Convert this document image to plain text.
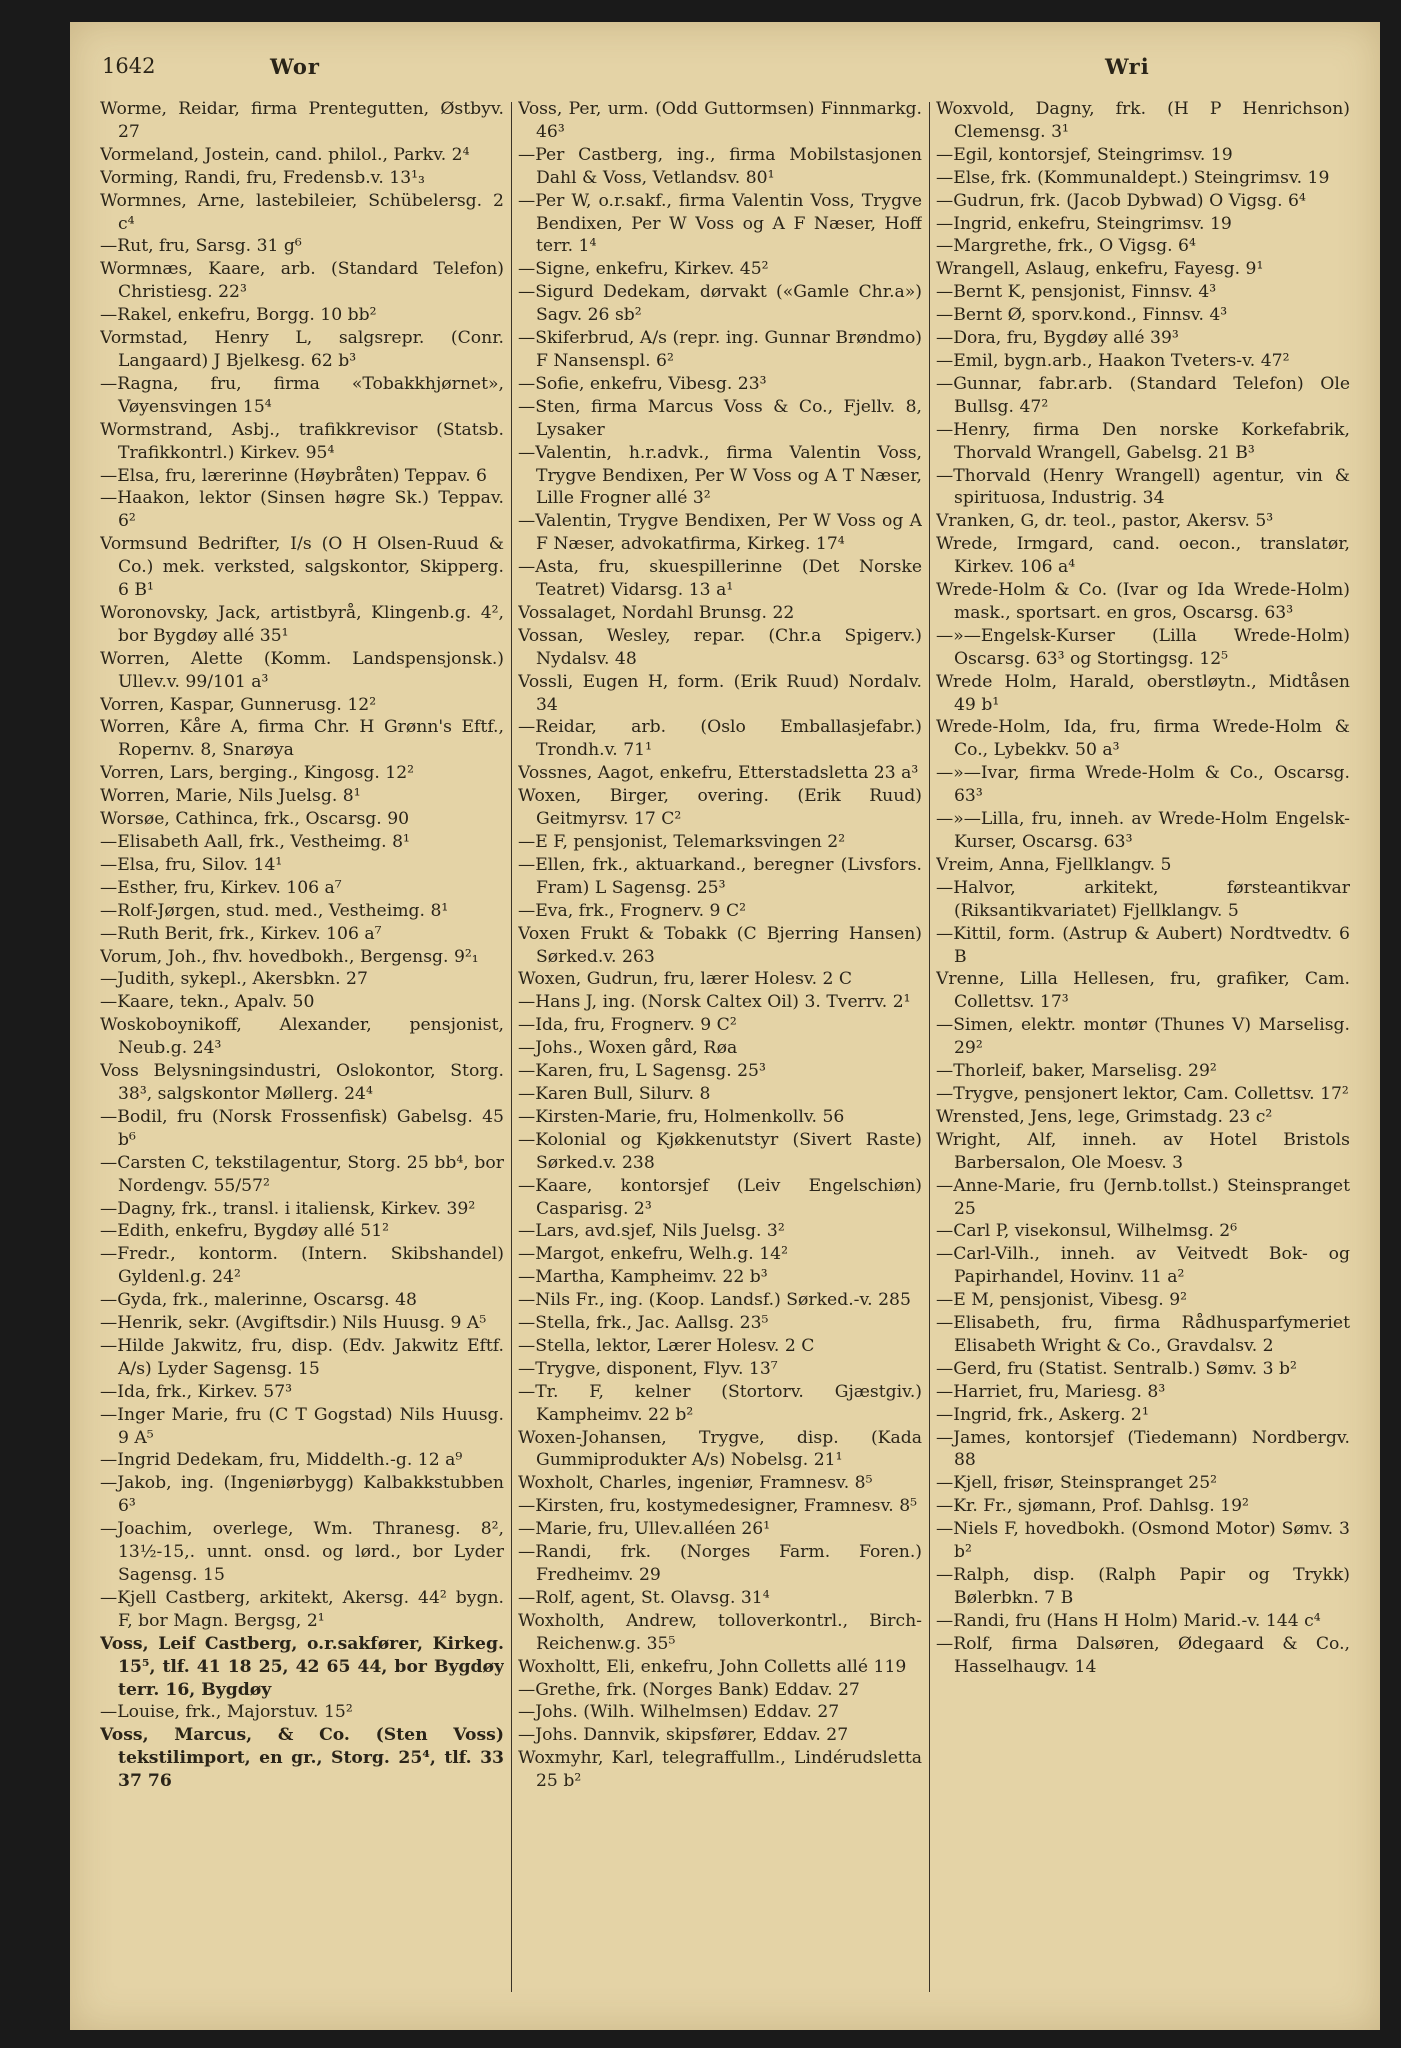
1642	Wor	Wri
Worme, Reidar, firma Prentegutten, Østbyv. 27
Vormeland, Jostein, cand. philol., Parkv. 2⁴
Vorming, Randi, fru, Fredensb.v. 13¹₃
Wormnes, Arne, lastebileier, Schübelersg. 2 c⁴
—Rut, fru, Sarsg. 31 g⁶
Wormnæs, Kaare, arb. (Standard Telefon) Christiesg. 22³
—Rakel, enkefru, Borgg. 10 bb²
Vormstad, Henry L, salgsrepr. (Conr. Langaard) J Bjelkesg. 62 b³
—Ragna, fru, firma «Tobakkhjørnet», Vøyensvingen 15⁴
Wormstrand, Asbj., trafikkrevisor (Statsb. Trafikkontrl.) Kirkev. 95⁴
—Elsa, fru, lærerinne (Høybråten) Teppav. 6
—Haakon, lektor (Sinsen høgre Sk.) Teppav. 6²
Vormsund Bedrifter, I/s (O H Olsen-Ruud & Co.) mek. verksted, salgskontor, Skipperg. 6 B¹
Woronovsky, Jack, artistbyrå, Klingenb.g. 4², bor Bygdøy allé 35¹
Worren, Alette (Komm. Landspensjonsk.) Ullev.v. 99/101 a³
Vorren, Kaspar, Gunnerusg. 12²
Worren, Kåre A, firma Chr. H Grønn's Eftf., Ropernv. 8, Snarøya
Vorren, Lars, berging., Kingosg. 12²
Worren, Marie, Nils Juelsg. 8¹
Worsøe, Cathinca, frk., Oscarsg. 90
—Elisabeth Aall, frk., Vestheimg. 8¹
—Elsa, fru, Silov. 14¹
—Esther, fru, Kirkev. 106 a⁷
—Rolf-Jørgen, stud. med., Vestheimg. 8¹
—Ruth Berit, frk., Kirkev. 106 a⁷
Vorum, Joh., fhv. hovedbokh., Bergensg. 9²₁
—Judith, sykepl., Akersbkn. 27
—Kaare, tekn., Apalv. 50
Woskoboynikoff, Alexander, pensjonist, Neub.g. 24³
Voss Belysningsindustri, Oslokontor, Storg. 38³, salgskontor Møllerg. 24⁴
—Bodil, fru (Norsk Frossenfisk) Gabelsg. 45 b⁶
—Carsten C, tekstilagentur, Storg. 25 bb⁴, bor Nordengv. 55/57²
—Dagny, frk., transl. i italiensk, Kirkev. 39²
—Edith, enkefru, Bygdøy allé 51²
—Fredr., kontorm. (Intern. Skibshandel) Gyldenl.g. 24²
—Gyda, frk., malerinne, Oscarsg. 48
—Henrik, sekr. (Avgiftsdir.) Nils Huusg. 9 A⁵
—Hilde Jakwitz, fru, disp. (Edv. Jakwitz Eftf. A/s) Lyder Sagensg. 15
—Ida, frk., Kirkev. 57³
—Inger Marie, fru (C T Gogstad) Nils Huusg. 9 A⁵
—Ingrid Dedekam, fru, Middelth.-g. 12 a⁹
—Jakob, ing. (Ingeniørbygg) Kalbakkstubben 6³
—Joachim, overlege, Wm. Thranesg. 8², 13½-15,. unnt. onsd. og lørd., bor Lyder Sagensg. 15
—Kjell Castberg, arkitekt, Akersg. 44² bygn. F, bor Magn. Bergsg, 2¹
Voss, Leif Castberg, o.r.sakfører, Kirkeg. 15⁵, tlf. 41 18 25, 42 65 44, bor Bygdøy terr. 16, Bygdøy
—Louise, frk., Majorstuv. 15²
Voss, Marcus, & Co. (Sten Voss) tekstilimport, en gr., Storg. 25⁴, tlf. 33 37 76
Voss, Per, urm. (Odd Guttormsen) Finnmarkg. 46³
—Per Castberg, ing., firma Mobilstasjonen Dahl & Voss, Vetlandsv. 80¹
—Per W, o.r.sakf., firma Valentin Voss, Trygve Bendixen, Per W Voss og A F Næser, Hoff terr. 1⁴
—Signe, enkefru, Kirkev. 45²
—Sigurd Dedekam, dørvakt («Gamle Chr.a») Sagv. 26 sb²
—Skiferbrud, A/s (repr. ing. Gunnar Brøndmo) F Nansenspl. 6²
—Sofie, enkefru, Vibesg. 23³
—Sten, firma Marcus Voss & Co., Fjellv. 8, Lysaker
—Valentin, h.r.advk., firma Valentin Voss, Trygve Bendixen, Per W Voss og A T Næser, Lille Frogner allé 3²
—Valentin, Trygve Bendixen, Per W Voss og A F Næser, advokatfirma, Kirkeg. 17⁴
—Asta, fru, skuespillerinne (Det Norske Teatret) Vidarsg. 13 a¹
Vossalaget, Nordahl Brunsg. 22
Vossan, Wesley, repar. (Chr.a Spigerv.) Nydalsv. 48
Vossli, Eugen H, form. (Erik Ruud) Nordalv. 34
—Reidar, arb. (Oslo Emballasjefabr.) Trondh.v. 71¹
Vossnes, Aagot, enkefru, Etterstadsletta 23 a³
Woxen, Birger, overing. (Erik Ruud) Geitmyrsv. 17 C²
—E F, pensjonist, Telemarksvingen 2²
—Ellen, frk., aktuarkand., beregner (Livsfors. Fram) L Sagensg. 25³
—Eva, frk., Frognerv. 9 C²
Voxen Frukt & Tobakk (C Bjerring Hansen) Sørked.v. 263
Woxen, Gudrun, fru, lærer Holesv. 2 C
—Hans J, ing. (Norsk Caltex Oil) 3. Tverrv. 2¹
—Ida, fru, Frognerv. 9 C²
—Johs., Woxen gård, Røa
—Karen, fru, L Sagensg. 25³
—Karen Bull, Silurv. 8
—Kirsten-Marie, fru, Holmenkollv. 56
—Kolonial og Kjøkkenutstyr (Sivert Raste) Sørked.v. 238
—Kaare, kontorsjef (Leiv Engelschiøn) Casparisg. 2³
—Lars, avd.sjef, Nils Juelsg. 3²
—Margot, enkefru, Welh.g. 14²
—Martha, Kampheimv. 22 b³
—Nils Fr., ing. (Koop. Landsf.) Sørked.-v. 285
—Stella, frk., Jac. Aallsg. 23⁵
—Stella, lektor, Lærer Holesv. 2 C
—Trygve, disponent, Flyv. 13⁷
—Tr. F, kelner (Stortorv. Gjæstgiv.) Kampheimv. 22 b²
Woxen-Johansen, Trygve, disp. (Kada Gummiprodukter A/s) Nobelsg. 21¹
Woxholt, Charles, ingeniør, Framnesv. 8⁵
—Kirsten, fru, kostymedesigner, Framnesv. 8⁵
—Marie, fru, Ullev.alléen 26¹
—Randi, frk. (Norges Farm. Foren.) Fredheimv. 29
—Rolf, agent, St. Olavsg. 31⁴
Woxholth, Andrew, tolloverkontrl., Birch-Reichenw.g. 35⁵
Woxholtt, Eli, enkefru, John Colletts allé 119
—Grethe, frk. (Norges Bank) Eddav. 27
—Johs. (Wilh. Wilhelmsen) Eddav. 27
—Johs. Dannvik, skipsfører, Eddav. 27
Woxmyhr, Karl, telegraffullm., Lindérudsletta 25 b²
Woxvold, Dagny, frk. (H P Henrichson) Clemensg. 3¹
—Egil, kontorsjef, Steingrimsv. 19
—Else, frk. (Kommunaldept.) Steingrimsv. 19
—Gudrun, frk. (Jacob Dybwad) O Vigsg. 6⁴
—Ingrid, enkefru, Steingrimsv. 19
—Margrethe, frk., O Vigsg. 6⁴
Wrangell, Aslaug, enkefru, Fayesg. 9¹
—Bernt K, pensjonist, Finnsv. 4³
—Bernt Ø, sporv.kond., Finnsv. 4³
—Dora, fru, Bygdøy allé 39³
—Emil, bygn.arb., Haakon Tveters-v. 47²
—Gunnar, fabr.arb. (Standard Telefon) Ole Bullsg. 47²
—Henry, firma Den norske Korkefabrik, Thorvald Wrangell, Gabelsg. 21 B³
—Thorvald (Henry Wrangell) agentur, vin & spirituosa, Industrig. 34
Vranken, G, dr. teol., pastor, Akersv. 5³
Wrede, Irmgard, cand. oecon., translatør, Kirkev. 106 a⁴
Wrede-Holm & Co. (Ivar og Ida Wrede-Holm) mask., sportsart. en gros, Oscarsg. 63³
—»—Engelsk-Kurser (Lilla Wrede-Holm) Oscarsg. 63³ og Stortingsg. 12⁵
Wrede Holm, Harald, oberstløytn., Midtåsen 49 b¹
Wrede-Holm, Ida, fru, firma Wrede-Holm & Co., Lybekkv. 50 a³
—»—Ivar, firma Wrede-Holm & Co., Oscarsg. 63³
—»—Lilla, fru, inneh. av Wrede-Holm Engelsk-Kurser, Oscarsg. 63³
Vreim, Anna, Fjellklangv. 5
—Halvor, arkitekt, førsteantikvar (Riksantikvariatet) Fjellklangv. 5
—Kittil, form. (Astrup & Aubert) Nordtvedtv. 6 B
Vrenne, Lilla Hellesen, fru, grafiker, Cam. Collettsv. 17³
—Simen, elektr. montør (Thunes V) Marselisg. 29²
—Thorleif, baker, Marselisg. 29²
—Trygve, pensjonert lektor, Cam. Collettsv. 17²
Wrensted, Jens, lege, Grimstadg. 23 c²
Wright, Alf, inneh. av Hotel Bristols Barbersalon, Ole Moesv. 3
—Anne-Marie, fru (Jernb.tollst.) Steinspranget 25
—Carl P, visekonsul, Wilhelmsg. 2⁶
—Carl-Vilh., inneh. av Veitvedt Bok- og Papirhandel, Hovinv. 11 a²
—E M, pensjonist, Vibesg. 9²
—Elisabeth, fru, firma Rådhusparfymeriet Elisabeth Wright & Co., Gravdalsv. 2
—Gerd, fru (Statist. Sentralb.) Sømv. 3 b²
—Harriet, fru, Mariesg. 8³
—Ingrid, frk., Askerg. 2¹
—James, kontorsjef (Tiedemann) Nordbergv. 88
—Kjell, frisør, Steinspranget 25²
—Kr. Fr., sjømann, Prof. Dahlsg. 19²
—Niels F, hovedbokh. (Osmond Motor) Sømv. 3 b²
—Ralph, disp. (Ralph Papir og Trykk) Bølerbkn. 7 B
—Randi, fru (Hans H Holm) Marid.-v. 144 c⁴
—Rolf, firma Dalsøren, Ødegaard & Co., Hasselhaugv. 14
